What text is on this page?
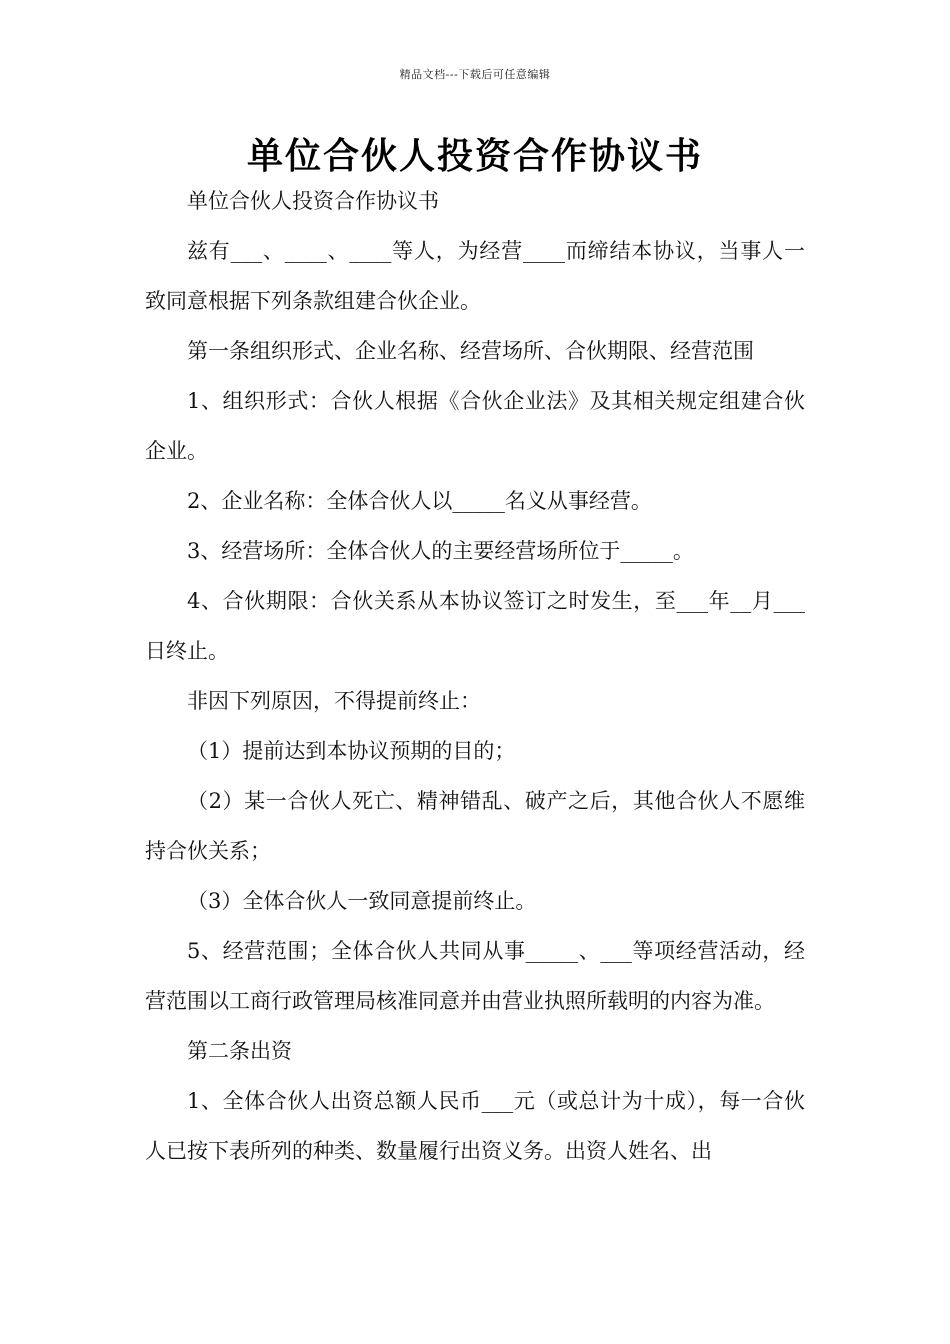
精品文档---下载后可任意编辑
单位合伙人投资合作协议书

单位合伙人投资合作协议书

兹有___、____、____等人，为经营____而缔结本协议，当事人一致同意根据下列条款组建合伙企业。

第一条组织形式、企业名称、经营场所、合伙期限、经营范围

1、组织形式：合伙人根据《合伙企业法》及其相关规定组建合伙企业。

2、企业名称：全体合伙人以_____名义从事经营。

3、经营场所：全体合伙人的主要经营场所位于_____。

4、合伙期限：合伙关系从本协议签订之时发生，至___年__月___日终止。

非因下列原因，不得提前终止：

（1）提前达到本协议预期的目的；

（2）某一合伙人死亡、精神错乱、破产之后，其他合伙人不愿维持合伙关系；

（3）全体合伙人一致同意提前终止。

5、经营范围；全体合伙人共同从事_____、___等项经营活动，经营范围以工商行政管理局核准同意并由营业执照所载明的内容为准。

第二条出资

1、全体合伙人出资总额人民币___元（或总计为十成），每一合伙人已按下表所列的种类、数量履行出资义务。出资人姓名、出
